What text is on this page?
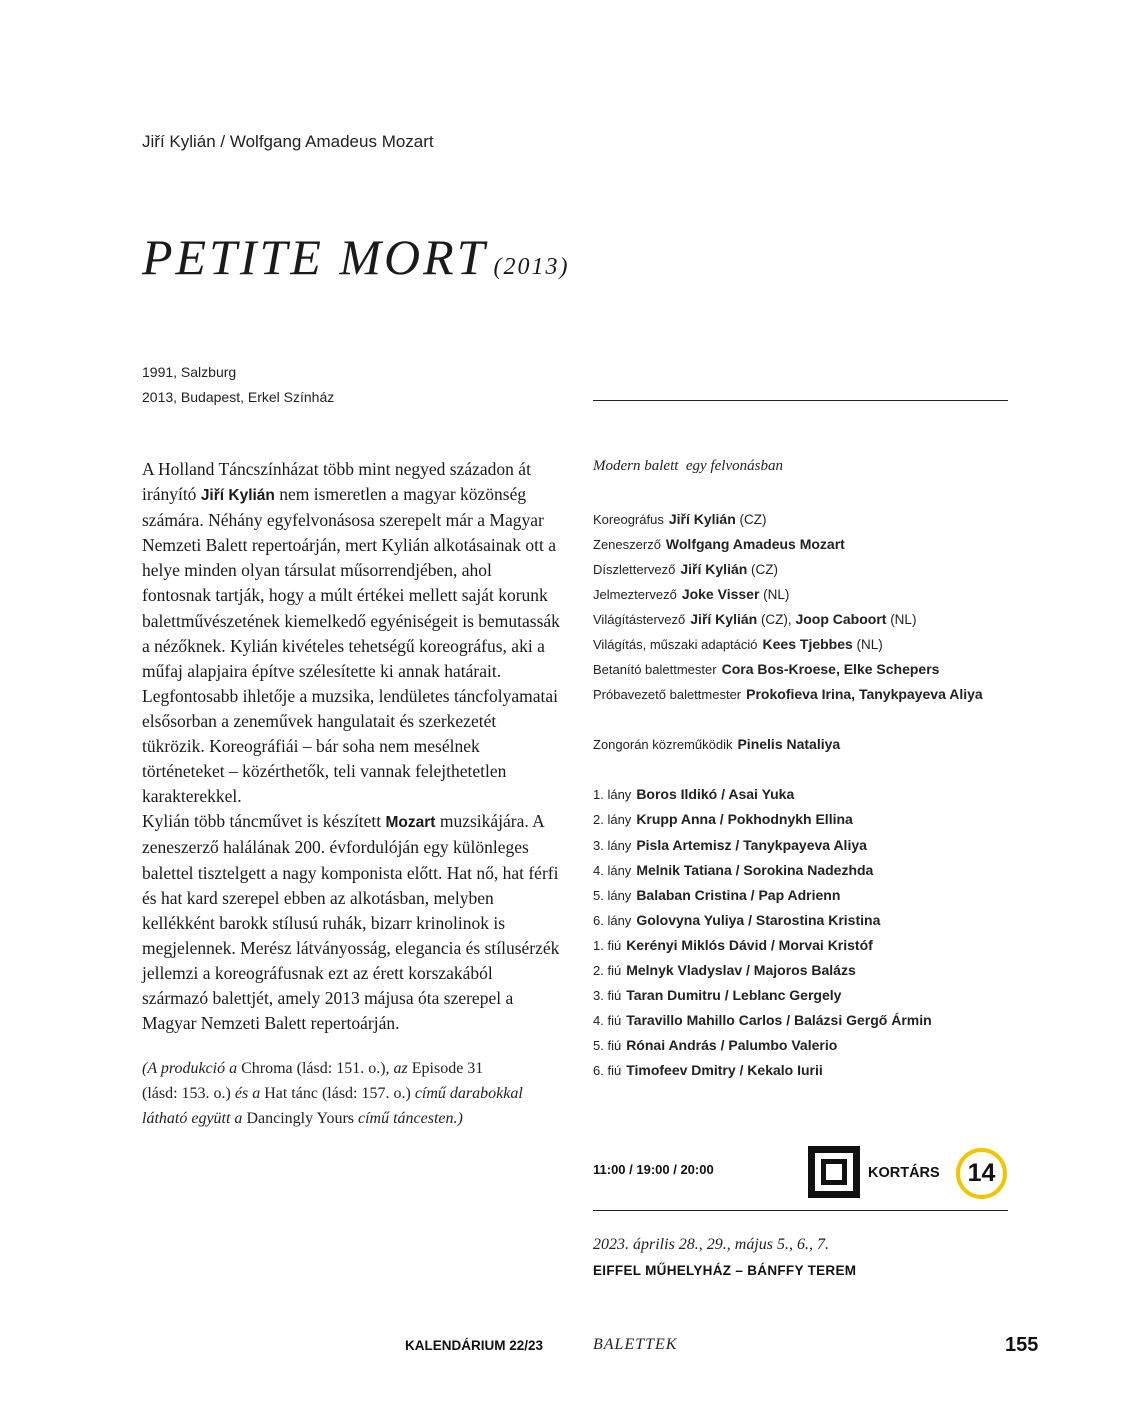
Jiří Kylián / Wolfgang Amadeus Mozart
PETITE MORT (2013)
1991, Salzburg
2013, Budapest, Erkel Színház

A Holland Táncszínházat több mint negyed századon át irányító Jiří Kylián nem ismeretlen a magyar közönség számára. Néhány egyfelvonásosa szerepelt már a Magyar Nemzeti Balett repertoárján, mert Kylián alkotásainak ott a helye minden olyan társulat műsorrendjében, ahol fontosnak tartják, hogy a múlt értékei mellett saját korunk balettművészetének kiemelkedő egyéniségeit is bemutassák a nézőknek. Kylián kivételes tehetségű koreográfus, aki a műfaj alapjaira építve szélesítette ki annak határait. Legfontosabb ihletője a muzsika, lendületes táncfolyamatai elsősorban a zeneművek hangulatait és szerkezetét tükrözik. Koreográfiái – bár soha nem mesélnek történeteket – közérthetők, teli vannak felejthetetlen karakterekkel.

Kylián több táncművet is készített Mozart muzsikájára. A zeneszerző halálának 200. évfordulóján egy különleges balettel tisztelgett a nagy komponista előtt. Hat nő, hat férfi és hat kard szerepel ebben az alkotásban, melyben kellékként barokk stílusú ruhák, bizarr krinolinok is megjelennek. Merész látványosság, elegancia és stílusérzék jellemzi a koreográfusnak ezt az érett korszakából származó balettjét, amely 2013 májusa óta szerepel a Magyar Nemzeti Balett repertoárján.

(A produkció a Chroma (lásd: 151. o.), az Episode 31
(lásd: 153. o.) és a Hat tánc (lásd: 157. o.) című darabokkal látható együtt a Dancingly Yours című táncesten.)
Modern balett  egy felvonásban
Koreográfus Jiří Kylián (CZ)
Zeneszerző Wolfgang Amadeus Mozart
Díszlettervező Jiří Kylián (CZ)
Jelmeztervező Joke Visser (NL)
Világítástervező Jiří Kylián (CZ), Joop Caboort (NL)
Világítás, műszaki adaptáció Kees Tjebbes (NL)
Betanító balettmester Cora Bos-Kroese, Elke Schepers
Próbavezető balettmester Prokofieva Irina, Tanykpayeva Aliya
Zongorán közreműködik Pinelis Nataliya
1. lány Boros Ildikó / Asai Yuka
2. lány Krupp Anna / Pokhodnykh Ellina
3. lány Pisla Artemisz / Tanykpayeva Aliya
4. lány Melnik Tatiana / Sorokina Nadezhda
5. lány Balaban Cristina / Pap Adrienn
6. lány Golovyna Yuliya / Starostina Kristina
1. fiú Kerényi Miklós Dávid / Morvai Kristóf
2. fiú Melnyk Vladyslav / Majoros Balázs
3. fiú Taran Dumitru / Leblanc Gergely
4. fiú Taravillo Mahillo Carlos / Balázsi Gergő Ármin
5. fiú Rónai András / Palumbo Valerio
6. fiú Timofeev Dmitry / Kekalo Iurii
11:00 / 19:00 / 20:00	KORTÁRS	14
2023. április 28., 29., május 5., 6., 7.
EIFFEL MŰHELYHÁZ – BÁNFFY TEREM
KALENDÁRIUM 22/23	BALETTEK	155
